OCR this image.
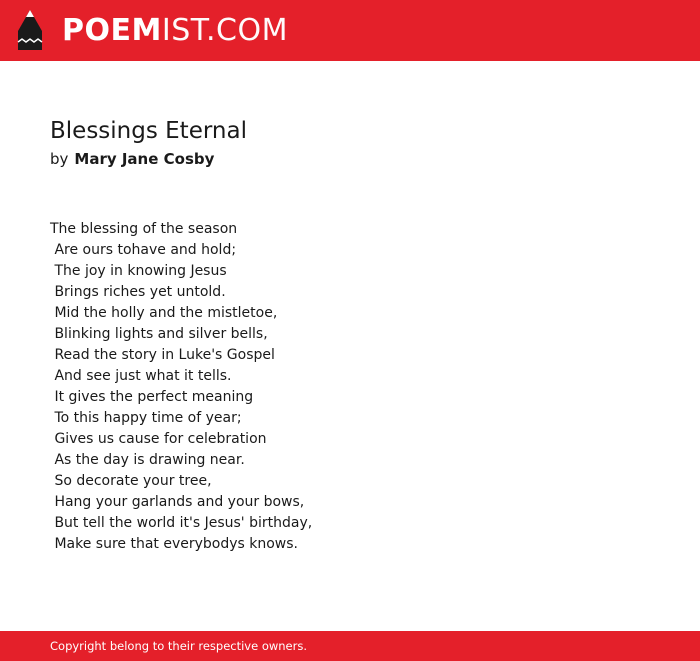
POEMIST.COM
Blessings Eternal
by Mary Jane Cosby
The blessing of the season
Are ours tohave and hold;
The joy in knowing Jesus
Brings riches yet untold.
Mid the holly and the mistletoe,
Blinking lights and silver bells,
Read the story in Luke's Gospel
And see just what it tells.
It gives the perfect meaning
To this happy time of year;
Gives us cause for celebration
As the day is drawing near.
So decorate your tree,
Hang your garlands and your bows,
But tell the world it's Jesus' birthday,
Make sure that everybodys knows.
Copyright belong to their respective owners.
